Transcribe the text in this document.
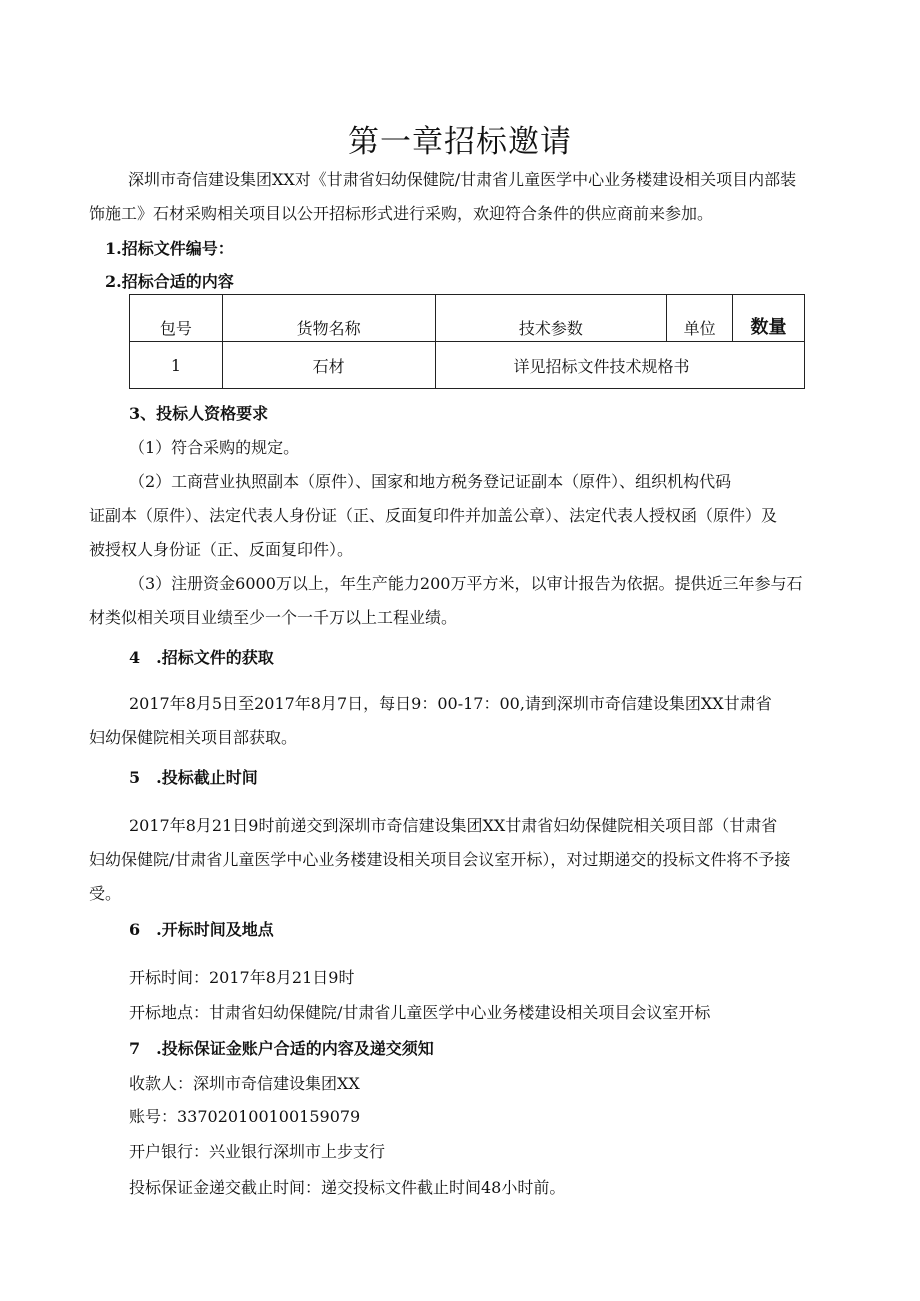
第一章招标邀请
深圳市奇信建设集团XX对《甘肃省妇幼保健院/甘肃省儿童医学中心业务楼建设相关项目内部装
饰施工》石材采购相关项目以公开招标形式进行采购，欢迎符合条件的供应商前来参加。
1.招标文件编号：
2.招标合适的内容
包号	货物名称	技术参数	单位	数量
1	石材	详见招标文件技术规格书		
3、投标人资格要求
（1）符合采购的规定。
（2）工商营业执照副本（原件）、国家和地方税务登记证副本（原件）、组织机构代码
证副本（原件）、法定代表人身份证（正、反面复印件并加盖公章）、法定代表人授权函（原件）及
被授权人身份证（正、反面复印件）。
（3）注册资金6000万以上，年生产能力200万平方米，以审计报告为依据。提供近三年参与石
材类似相关项目业绩至少一个一千万以上工程业绩。
4　.招标文件的获取
2017年8月5日至2017年8月7日，每日9：00-17：00,请到深圳市奇信建设集团XX甘肃省
妇幼保健院相关项目部获取。
5　.投标截止时间
2017年8月21日9时前递交到深圳市奇信建设集团XX甘肃省妇幼保健院相关项目部（甘肃省
妇幼保健院/甘肃省儿童医学中心业务楼建设相关项目会议室开标），对过期递交的投标文件将不予接
受。
6　.开标时间及地点
开标时间：2017年8月21日9时
开标地点：甘肃省妇幼保健院/甘肃省儿童医学中心业务楼建设相关项目会议室开标
7　.投标保证金账户合适的内容及递交须知
收款人：深圳市奇信建设集团XX
账号：337020100100159079
开户银行：兴业银行深圳市上步支行
投标保证金递交截止时间：递交投标文件截止时间48小时前。
